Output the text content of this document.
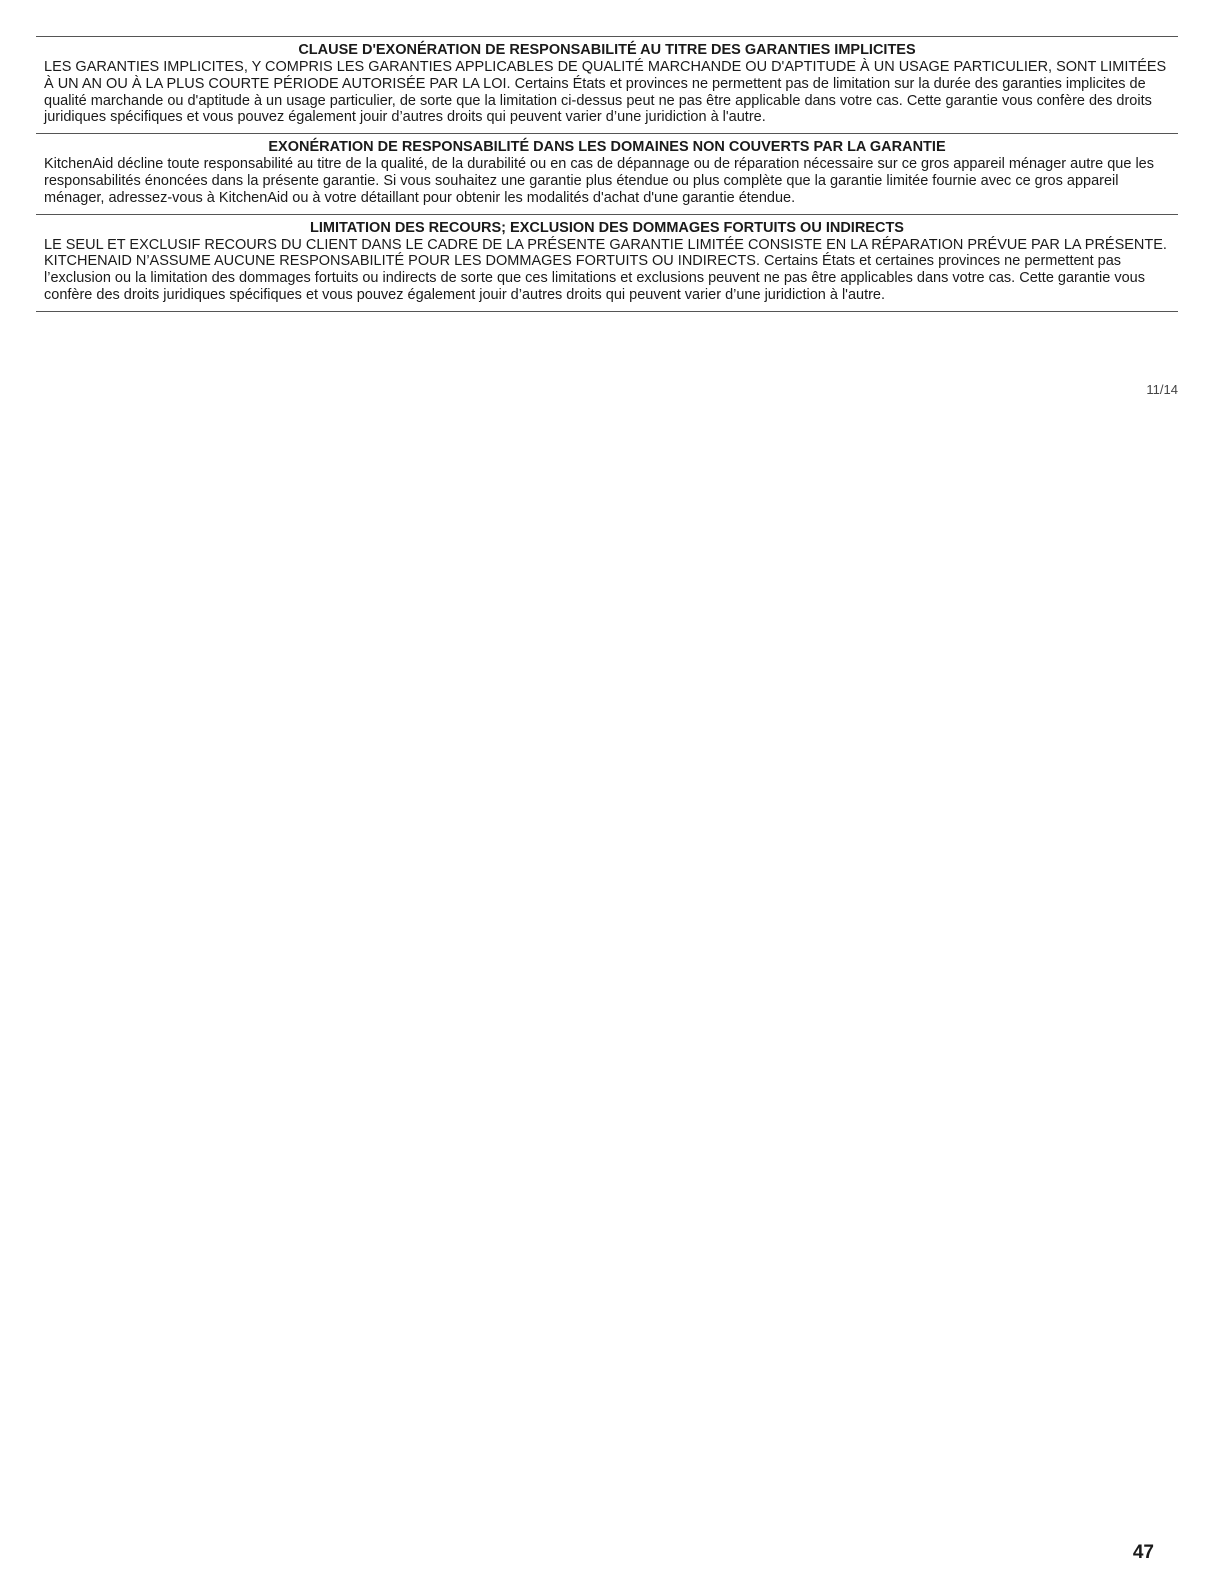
CLAUSE D'EXONÉRATION DE RESPONSABILITÉ AU TITRE DES GARANTIES IMPLICITES

LES GARANTIES IMPLICITES, Y COMPRIS LES GARANTIES APPLICABLES DE QUALITÉ MARCHANDE OU D'APTITUDE À UN USAGE PARTICULIER, SONT LIMITÉES À UN AN OU À LA PLUS COURTE PÉRIODE AUTORISÉE PAR LA LOI. Certains États et provinces ne permettent pas de limitation sur la durée des garanties implicites de qualité marchande ou d'aptitude à un usage particulier, de sorte que la limitation ci-dessus peut ne pas être applicable dans votre cas. Cette garantie vous confère des droits juridiques spécifiques et vous pouvez également jouir d’autres droits qui peuvent varier d’une juridiction à l'autre.

EXONÉRATION DE RESPONSABILITÉ DANS LES DOMAINES NON COUVERTS PAR LA GARANTIE

KitchenAid décline toute responsabilité au titre de la qualité, de la durabilité ou en cas de dépannage ou de réparation nécessaire sur ce gros appareil ménager autre que les responsabilités énoncées dans la présente garantie. Si vous souhaitez une garantie plus étendue ou plus complète que la garantie limitée fournie avec ce gros appareil ménager, adressez-vous à KitchenAid ou à votre détaillant pour obtenir les modalités d'achat d'une garantie étendue.

LIMITATION DES RECOURS; EXCLUSION DES DOMMAGES FORTUITS OU INDIRECTS

LE SEUL ET EXCLUSIF RECOURS DU CLIENT DANS LE CADRE DE LA PRÉSENTE GARANTIE LIMITÉE CONSISTE EN LA RÉPARATION PRÉVUE PAR LA PRÉSENTE. KITCHENAID N’ASSUME AUCUNE RESPONSABILITÉ POUR LES DOMMAGES FORTUITS OU INDIRECTS. Certains États et certaines provinces ne permettent pas l’exclusion ou la limitation des dommages fortuits ou indirects de sorte que ces limitations et exclusions peuvent ne pas être applicables dans votre cas. Cette garantie vous confère des droits juridiques spécifiques et vous pouvez également jouir d’autres droits qui peuvent varier d’une juridiction à l'autre.

11/14
47
